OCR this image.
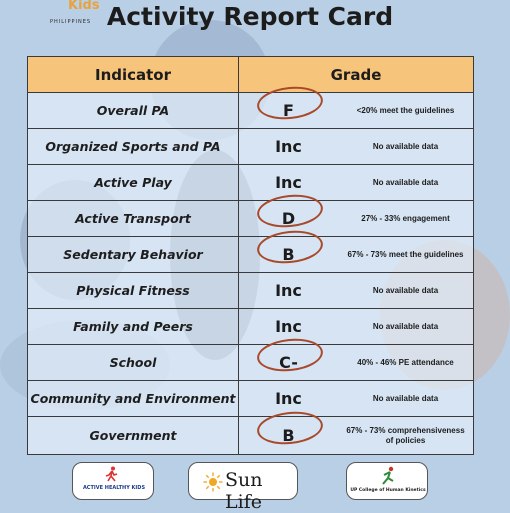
Kids
PHILIPPINES Activity Report Card
Indicator	Grade
Overall PA	F <20% meet the guidelines

Organized Sports and PA	Inc No available data

Active Play	Inc No available data

Active Transport	D 27% - 33% engagement

Sedentary Behavior	B 67% - 73% meet the guidelines

Physical Fitness	Inc No available data

Family and Peers	Inc No available data

School	C- 40% - 46% PE attendance

Community and Environment	Inc No available data

Government	B 67% - 73% comprehensiveness of policies
ACTIVE HEALTHY KIDS	Sun Life
UP College of Human Kinetics
